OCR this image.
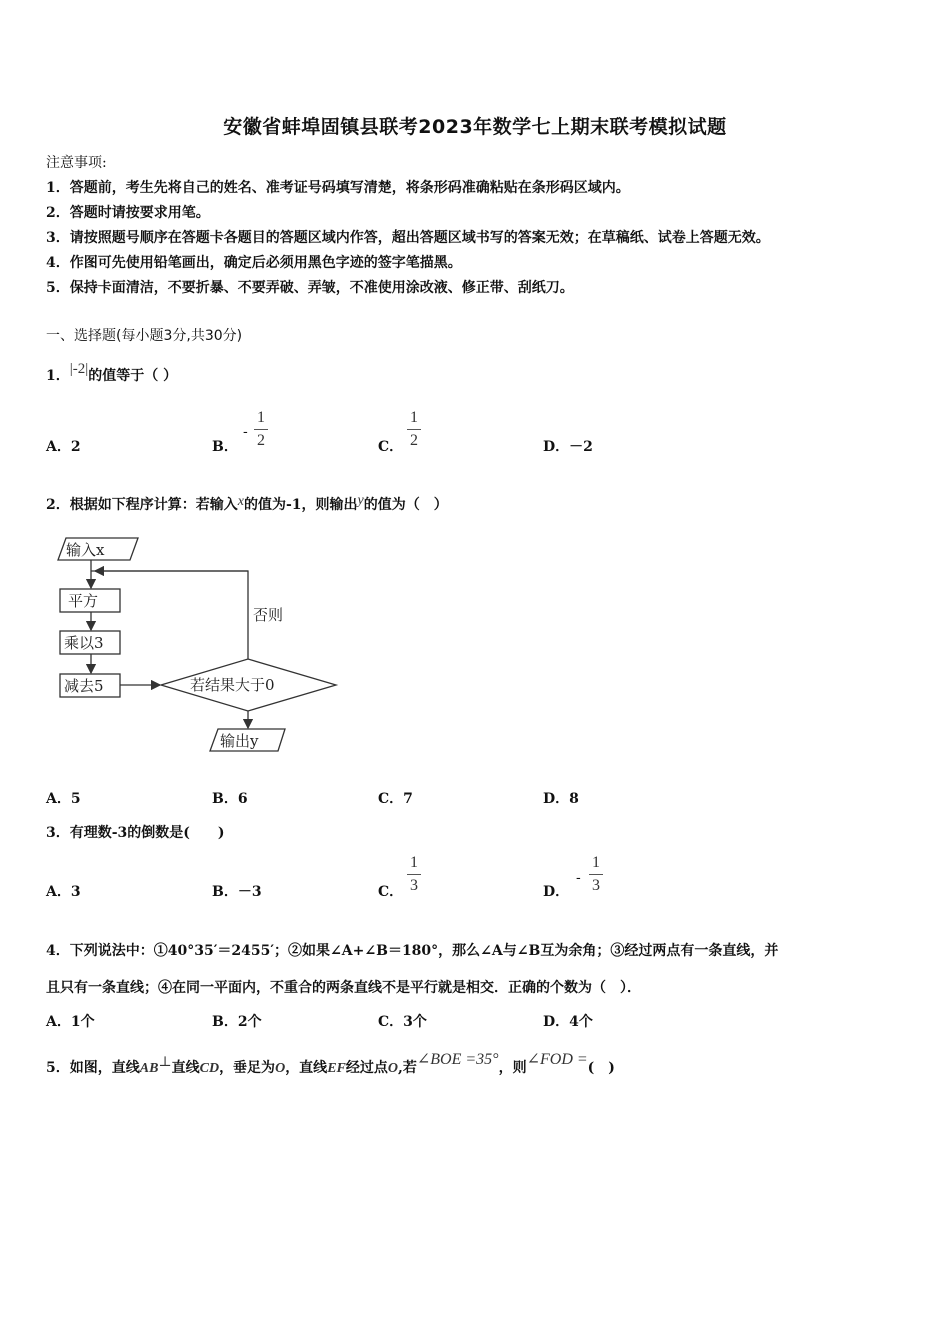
安徽省蚌埠固镇县联考2023年数学七上期末联考模拟试题
注意事项:
1．答题前，考生先将自己的姓名、准考证号码填写清楚，将条形码准确粘贴在条形码区域内。
2．答题时请按要求用笔。
3．请按照题号顺序在答题卡各题目的答题区域内作答，超出答题区域书写的答案无效；在草稿纸、试卷上答题无效。
4．作图可先使用铅笔画出，确定后必须用黑色字迹的签字笔描黑。
5．保持卡面清洁，不要折暴、不要弄破、弄皱，不准使用涂改液、修正带、刮纸刀。
一、选择题(每小题3分,共30分)
1．|-2|的值等于（ ）
A．2	B．
-
1
2	C．
1
2	D．－2
2．根据如下程序计算：若输入x的值为-1，则输出y的值为（　）
输入x
平方
乘以3
减去5	若结果大于0
否则
输出y
A．5	B．6	C．7	D．8
3．有理数-3的倒数是(　　)
A．3	B．－3	C．
1
3	D．
-
1
3
4．下列说法中：①40°35′＝2455′；②如果∠A+∠B＝180°，那么∠A与∠B互为余角；③经过两点有一条直线，并
且只有一条直线；④在同一平面内，不重合的两条直线不是平行就是相交．正确的个数为（　）．
A．1个	B．2个	C．3个	D．4个
5．如图，直线AB⊥直线CD，垂足为O，直线EF经过点O,若∠BOE =35°，则∠FOD =(　)
